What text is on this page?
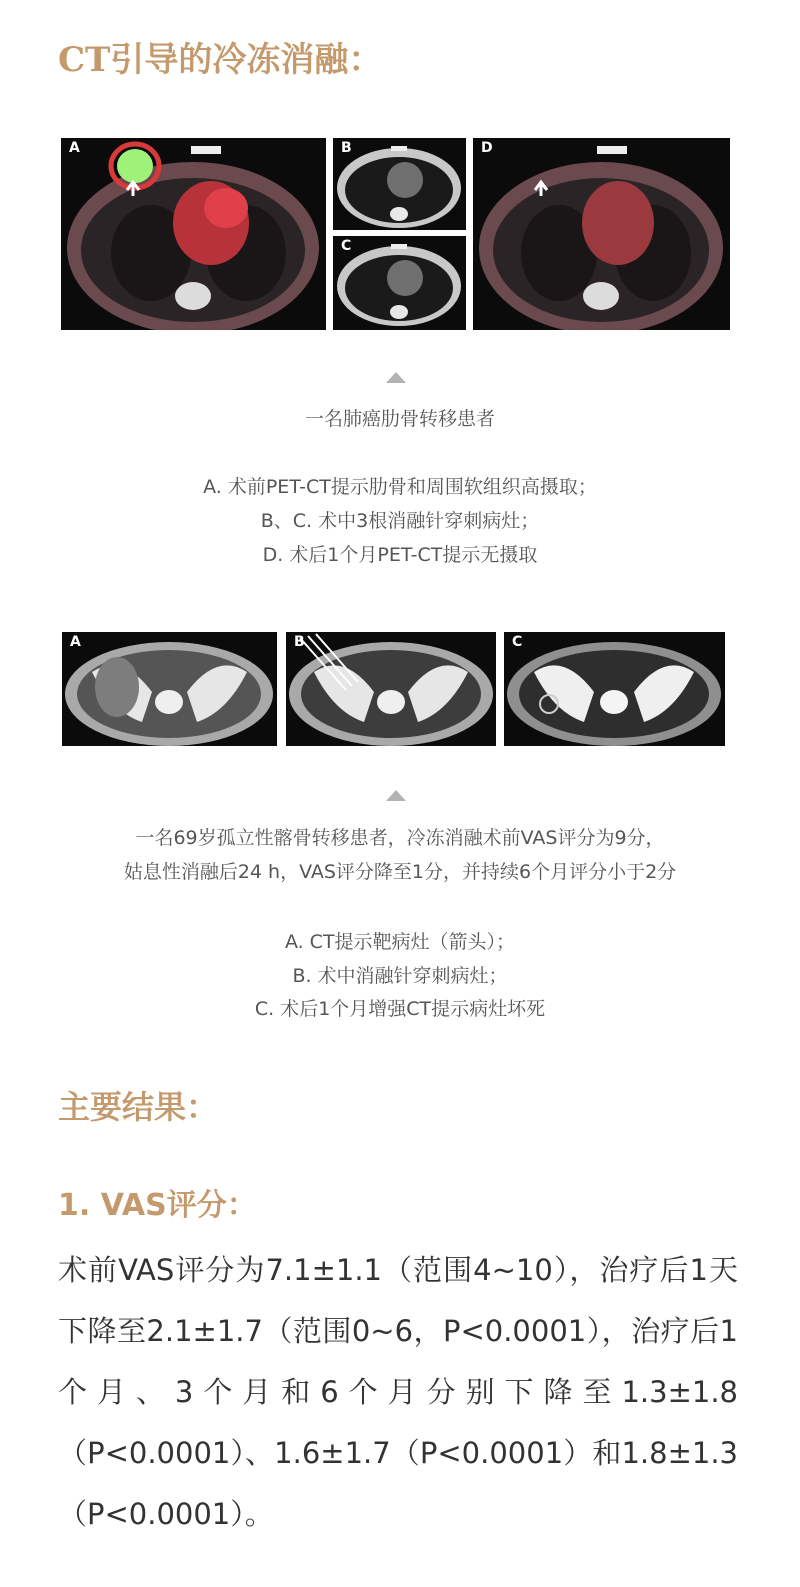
CT引导的冷冻消融：
A	B
C
D

一名肺癌肋骨转移患者

A. 术前PET-CT提示肋骨和周围软组织高摄取；

B、C. 术中3根消融针穿刺病灶；

D. 术后1个月PET-CT提示无摄取

A	B	C

一名69岁孤立性髂骨转移患者，冷冻消融术前VAS评分为9分，

姑息性消融后24 h，VAS评分降至1分，并持续6个月评分小于2分

A. CT提示靶病灶（箭头）；

B. 术中消融针穿刺病灶；

C. 术后1个月增强CT提示病灶坏死

主要结果：
1. VAS评分：

术前VAS评分为7.1±1.1（范围4~10），治疗后1天下降至2.1±1.7（范围0~6，P<0.0001），治疗后1个月、3个月和6个月分别下降至1.3±1.8（P<0.0001）、1.6±1.7（P<0.0001）和1.8±1.3（P<0.0001）。
